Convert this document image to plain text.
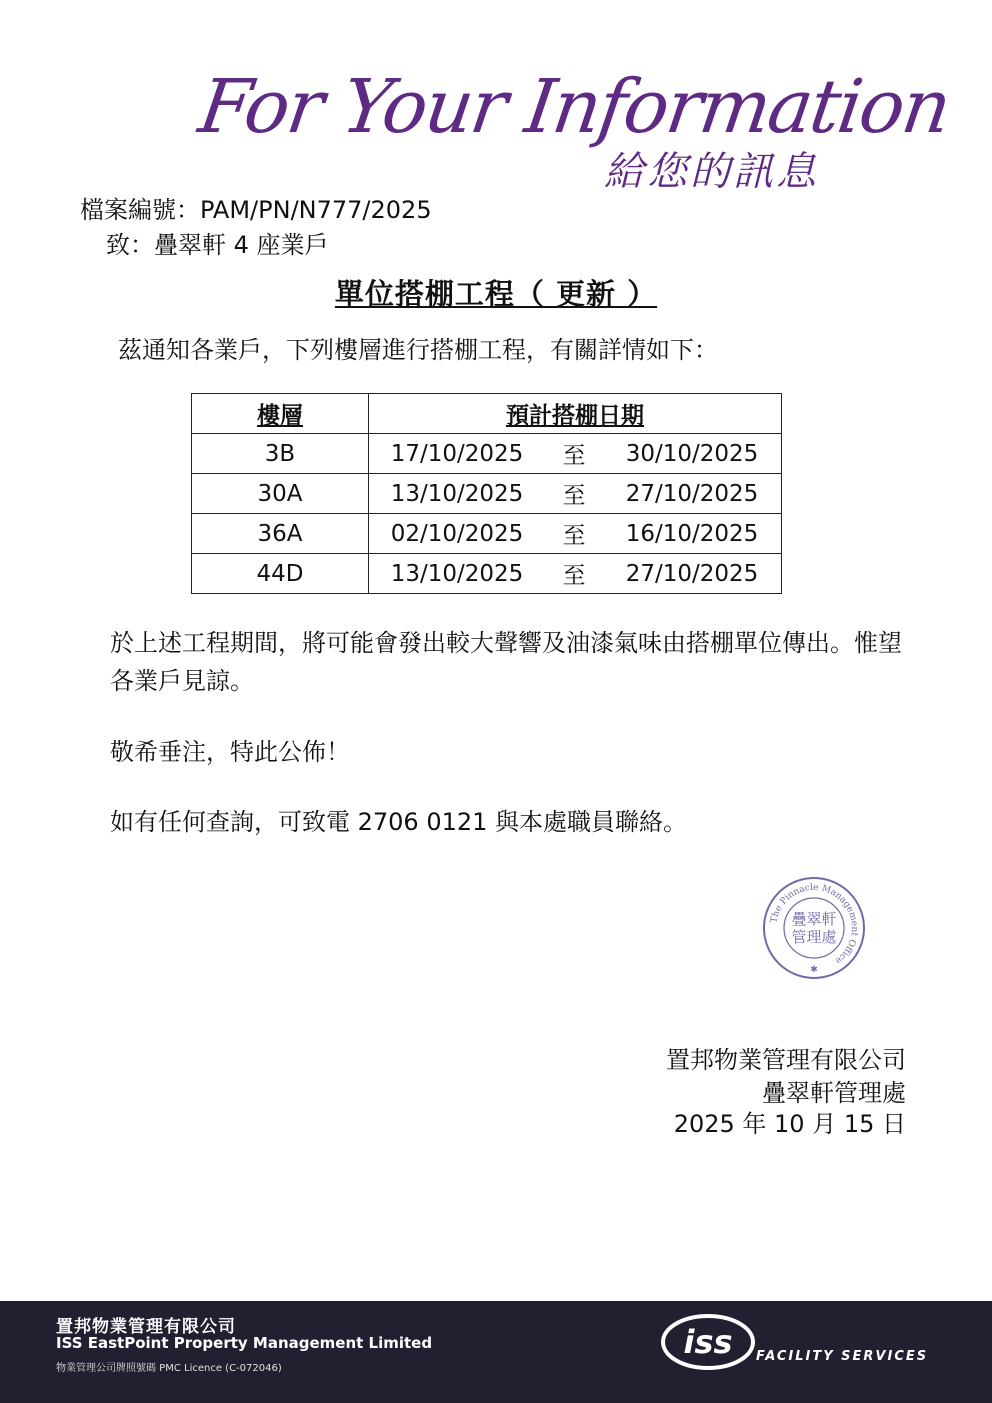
For Your Information
給您的訊息
檔案編號：PAM/PN/N777/2025
致：疊翠軒 4 座業戶
單位搭棚工程（ 更新 ）
茲通知各業戶，下列樓層進行搭棚工程，有關詳情如下：
樓層	預計搭棚日期
3B	17/10/2025 至 30/10/2025

30A	13/10/2025 至 27/10/2025

36A	02/10/2025 至 16/10/2025

44D	13/10/2025 至 27/10/2025
於上述工程期間，將可能會發出較大聲響及油漆氣味由搭棚單位傳出。惟望各業戶見諒。
敬希垂注，特此公佈！
如有任何查詢，可致電 2706 0121 與本處職員聯絡。
The Pinnacle Management Office
疊翠軒
管理處
✱
置邦物業管理有限公司
疊翠軒管理處
2025 年 10 月 15 日
置邦物業管理有限公司
ISS EastPoint Property Management Limited
物業管理公司牌照號碼 PMC Licence (C-072046)
iss FACILITY SERVICES
